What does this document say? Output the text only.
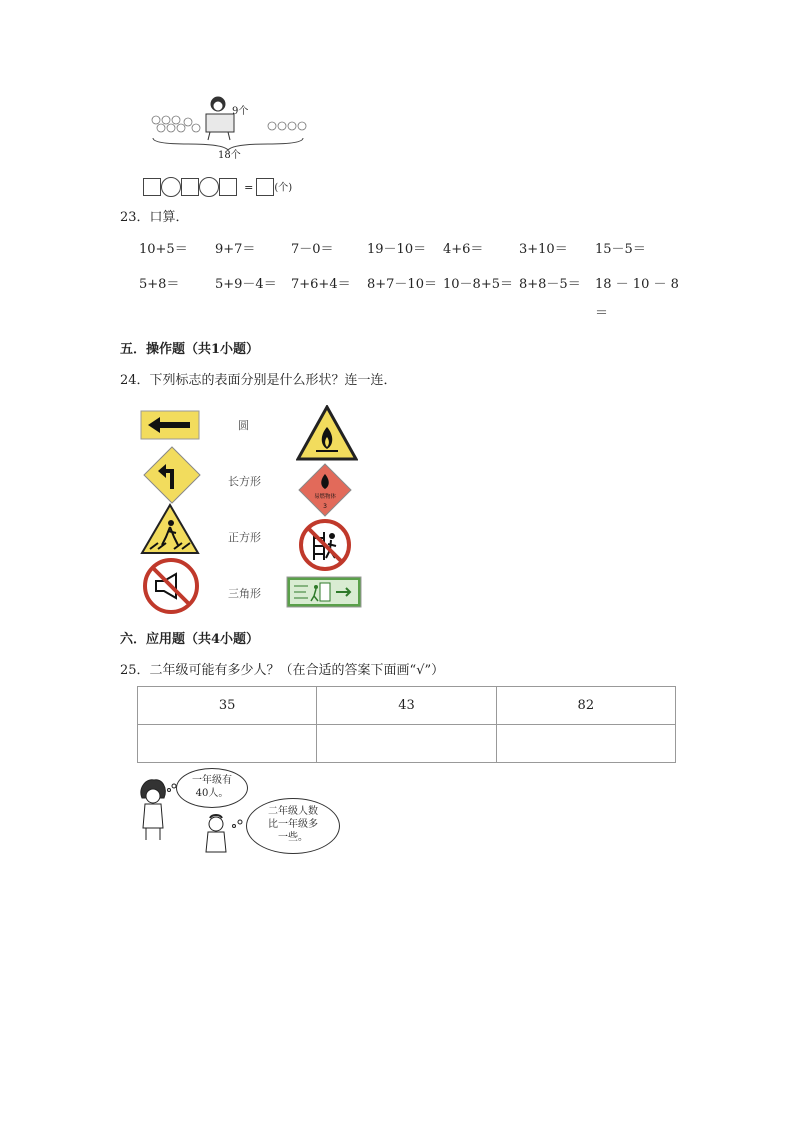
9个
18个
= (个)
23．口算．
10+5＝ 9+7＝	7－0＝	19－10＝ 4+6＝	3+10＝ 15－5＝
5+8＝	5+9－4＝ 7+6+4＝ 8+7－10＝ 10－8+5＝ 8+8－5＝ 18 － 10 － 8
＝
五．操作题（共1小题）
24．下列标志的表面分别是什么形状？连一连．
圆
长方形
正方形
三角形
易燃物体
3
六．应用题（共4小题）
25．二年级可能有多少人？（在合适的答案下面画“√”）
35	43	82

一年级有
40人。
二年级人数
比一年级多
一些。
